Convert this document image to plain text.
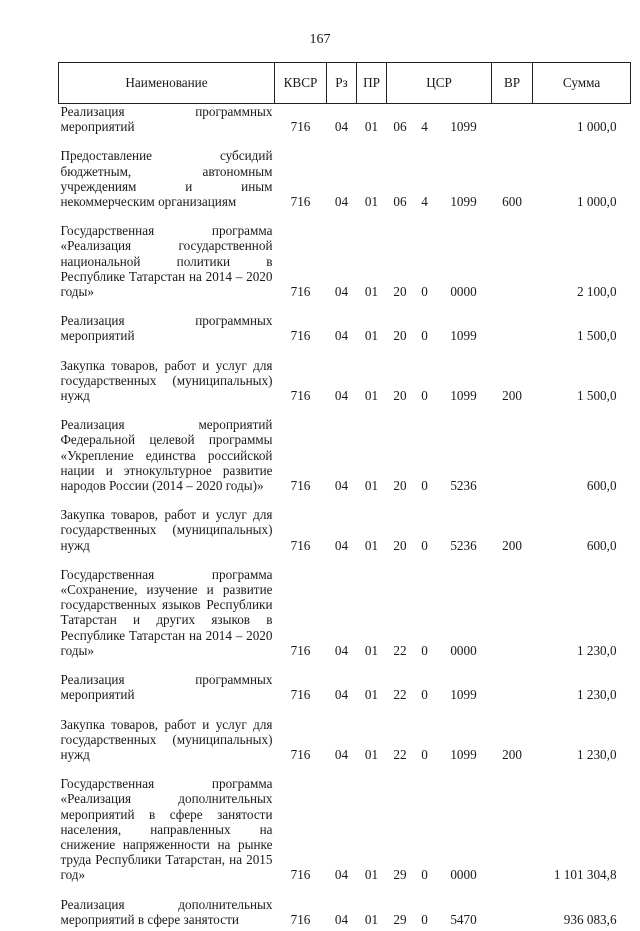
167
Наименование	КВСР	Рз	ПР	ЦСР			ВР	Сумма
Реализация программных мероприятий	716	04	01	06	4	1099		1 000,0
Предоставление субсидий бюджетным, автономным учреждениям и иным некоммерческим организациям	716	04	01	06	4	1099	600	1 000,0
Государственная программа «Реализация государственной национальной политики в Республике Татарстан на 2014 – 2020 годы»	716	04	01	20	0	0000		2 100,0
Реализация программных мероприятий	716	04	01	20	0	1099		1 500,0
Закупка товаров, работ и услуг для государственных (муниципальных) нужд	716	04	01	20	0	1099	200	1 500,0
Реализация мероприятий Федеральной целевой программы «Укрепление единства российской нации и этнокультурное развитие народов России (2014 – 2020 годы)»	716	04	01	20	0	5236		600,0
Закупка товаров, работ и услуг для государственных (муниципальных) нужд	716	04	01	20	0	5236	200	600,0
Государственная программа «Сохранение, изучение и развитие государственных языков Республики Татарстан и других языков в Республике Татарстан на 2014 – 2020 годы»	716	04	01	22	0	0000		1 230,0
Реализация программных мероприятий	716	04	01	22	0	1099		1 230,0
Закупка товаров, работ и услуг для государственных (муниципальных) нужд	716	04	01	22	0	1099	200	1 230,0
Государственная программа «Реализация дополнительных мероприятий в сфере занятости населения, направленных на снижение напряженности на рынке труда Республики Татарстан, на 2015 год»	716	04	01	29	0	0000		1 101 304,8
Реализация дополнительных мероприятий в сфере занятости	716	04	01	29	0	5470		936 083,6
